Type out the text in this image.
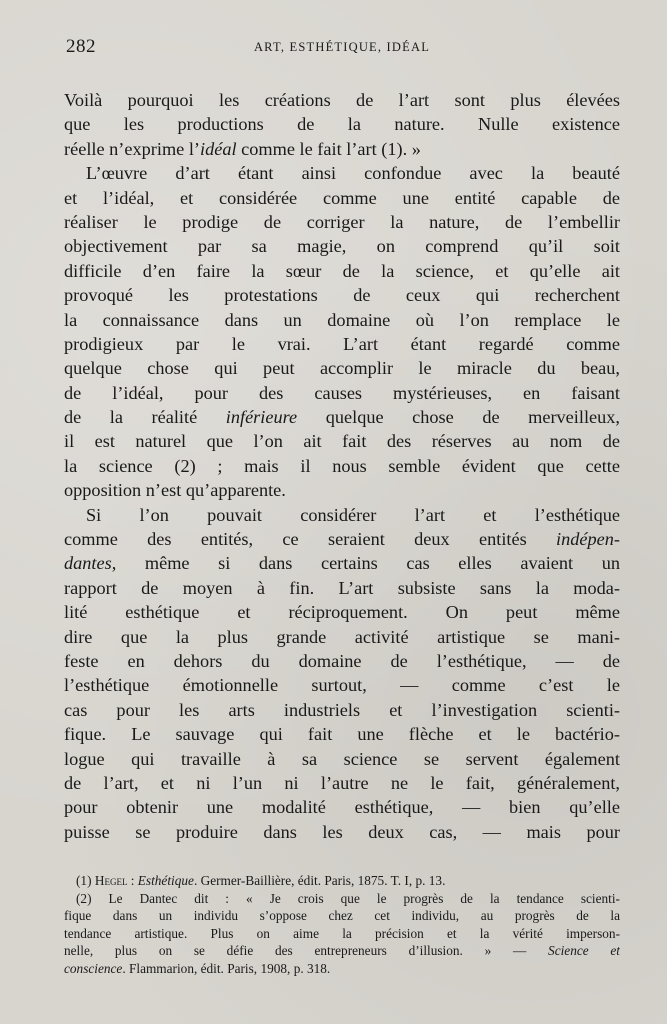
282	ART, ESTHÉTIQUE, IDÉAL
Voilà pourquoi les créations de l’art sont plus élevées
que les productions de la nature. Nulle existence
réelle n’exprime l’idéal comme le fait l’art (1). »
L’œuvre d’art étant ainsi confondue avec la beauté
et l’idéal, et considérée comme une entité capable de
réaliser le prodige de corriger la nature, de l’embellir
objectivement par sa magie, on comprend qu’il soit
difficile d’en faire la sœur de la science, et qu’elle ait
provoqué les protestations de ceux qui recherchent
la connaissance dans un domaine où l’on remplace le
prodigieux par le vrai. L’art étant regardé comme
quelque chose qui peut accomplir le miracle du beau,
de l’idéal, pour des causes mystérieuses, en faisant
de la réalité inférieure quelque chose de merveilleux,
il est naturel que l’on ait fait des réserves au nom de
la science (2) ; mais il nous semble évident que cette
opposition n’est qu’apparente.
Si l’on pouvait considérer l’art et l’esthétique
comme des entités, ce seraient deux entités indépen-
dantes, même si dans certains cas elles avaient un
rapport de moyen à fin. L’art subsiste sans la moda-
lité esthétique et réciproquement. On peut même
dire que la plus grande activité artistique se mani-
feste en dehors du domaine de l’esthétique, — de
l’esthétique émotionnelle surtout, — comme c’est le
cas pour les arts industriels et l’investigation scienti-
fique. Le sauvage qui fait une flèche et le bactério-
logue qui travaille à sa science se servent également
de l’art, et ni l’un ni l’autre ne le fait, généralement,
pour obtenir une modalité esthétique, — bien qu’elle
puisse se produire dans les deux cas, — mais pour
(1) Hegel : Esthétique. Germer-Baillière, édit. Paris, 1875. T. I, p. 13.
(2) Le Dantec dit : « Je crois que le progrès de la tendance scienti-
fique dans un individu s’oppose chez cet individu, au progrès de la
tendance artistique. Plus on aime la précision et la vérité imperson-
nelle, plus on se défie des entrepreneurs d’illusion. » — Science et
conscience. Flammarion, édit. Paris, 1908, p. 318.
